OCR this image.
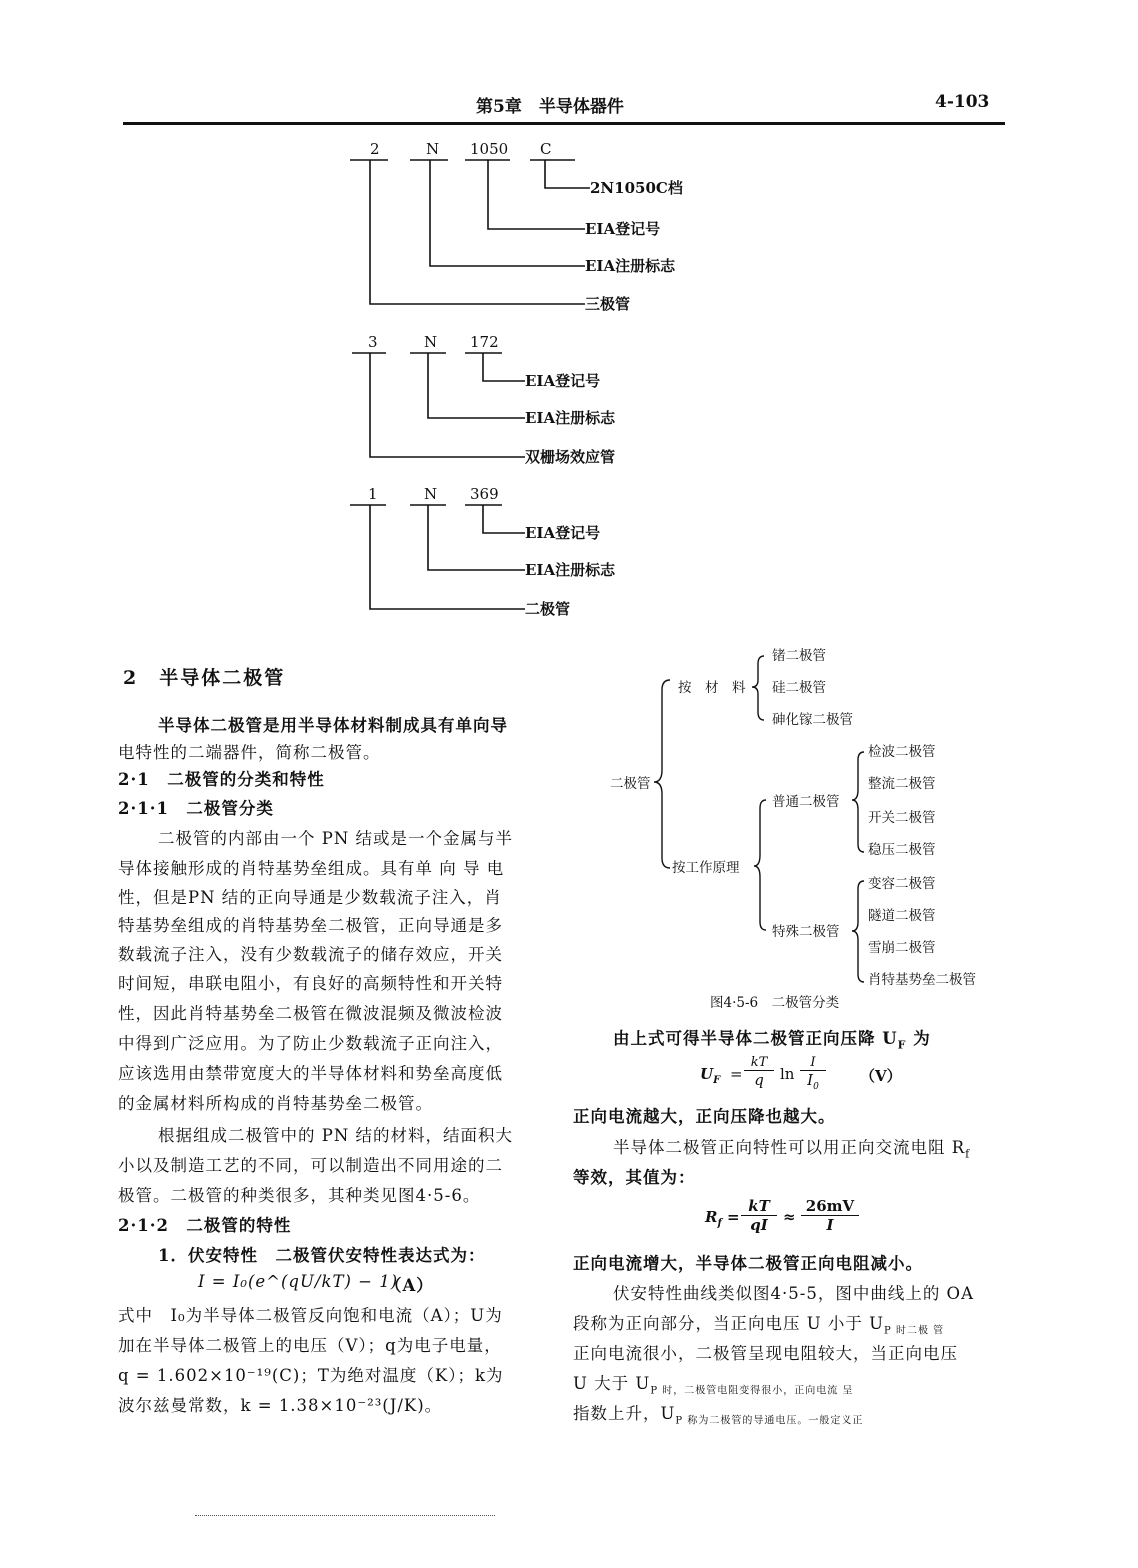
第5章　半导体器件	4-103
2	N 1050 C
2N1050C档
EIA登记号
EIA注册标志
三极管
3	N 172
EIA登记号
EIA注册标志
双栅场效应管
1	N 369
EIA登记号
EIA注册标志
二极管
2　半导体二极管
半导体二极管是用半导体材料制成具有单向导
电特性的二端器件，简称二极管。
2·1　二极管的分类和特性
2·1·1　二极管分类
二极管的内部由一个 PN 结或是一个金属与半
导体接触形成的肖特基势垒组成。具有单 向 导 电
性，但是PN 结的正向导通是少数载流子注入，肖
特基势垒组成的肖特基势垒二极管，正向导通是多
数载流子注入，没有少数载流子的储存效应，开关
时间短，串联电阻小，有良好的高频特性和开关特
性，因此肖特基势垒二极管在微波混频及微波检波
中得到广泛应用。为了防止少数载流子正向注入，
应该选用由禁带宽度大的半导体材料和势垒高度低
的金属材料所构成的肖特基势垒二极管。
根据组成二极管中的 PN 结的材料，结面积大
小以及制造工艺的不同，可以制造出不同用途的二
极管。二极管的种类很多，其种类见图4·5-6。
2·1·2　二极管的特性
1．伏安特性　二极管伏安特性表达式为：
I = I₀(e^(qU/kT) − 1)
（A）
式中　I₀为半导体二极管反向饱和电流（A）；U为
加在半导体二极管上的电压（V）；q为电子电量，
q = 1.602×10⁻¹⁹(C)；T为绝对温度（K）；k为
波尔兹曼常数，k = 1.38×10⁻²³(J/K)。
二极管
按　材　料
锗二极管
硅二极管
砷化镓二极管
按工作原理
普通二极管
检波二极管
整流二极管
开关二极管
稳压二极管
特殊二极管
变容二极管
隧道二极管
雪崩二极管
肖特基势垒二极管
图4·5-6　二极管分类
由上式可得半导体二极管正向压降 $U_F$ 为
$U_F = \frac{kT}{q}$ $\ln \frac{I}{I_0} (V)$
正向电流越大，正向压降也越大。
半导体二极管正向特性可以用正向交流电阻 $R_f$
等效，其值为：
$R_f = \frac{kT}{qI} \approx \frac{26mV}{I}$
正向电流增大，半导体二极管正向电阻减小。
伏安特性曲线类似图4·5-5，图中曲线上的 OA
段称为正向部分，当正向电压 U 小于 $U_{P 时二极 管}$
正向电流很小，二极管呈现电阻较大，当正向电压
U 大于 $U_{P 时,二极管电阻变得很小,正向电流 呈}$
指数上升，$U_{P 称为二极管的导通电压。一般定义正}$
